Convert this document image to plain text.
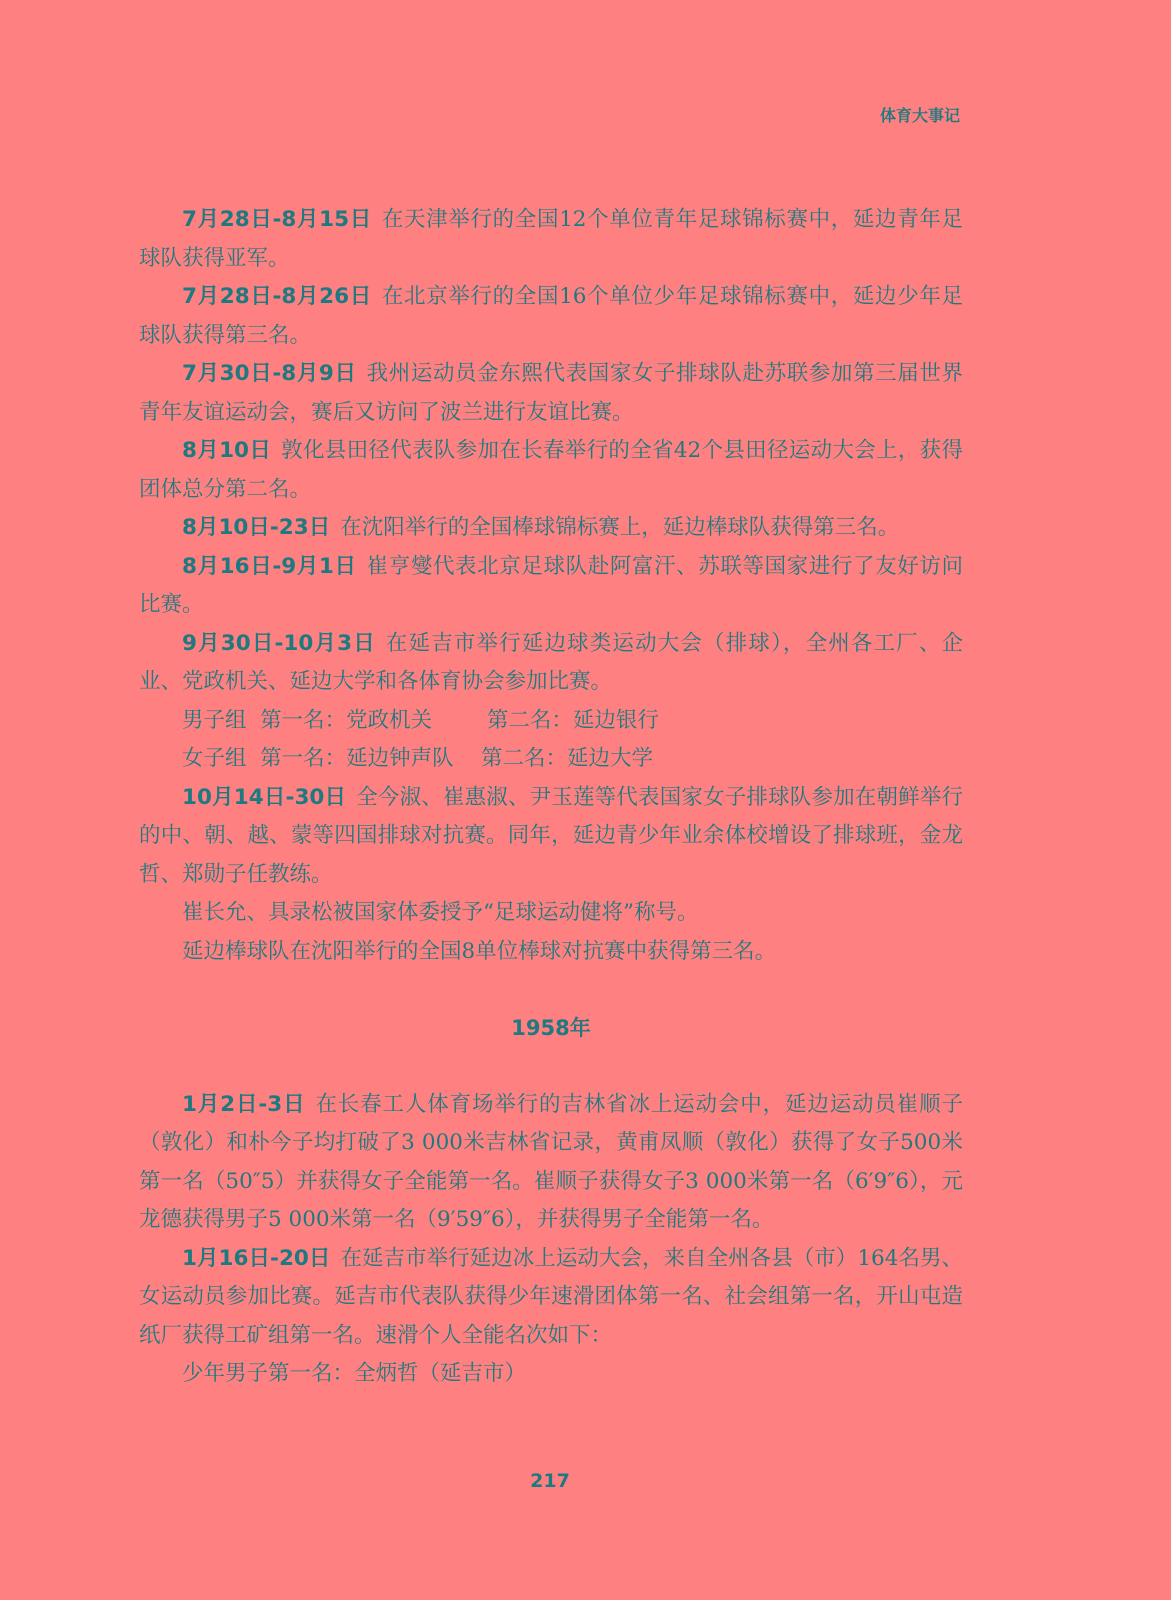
体育大事记

7月28日-8月15日 在天津举行的全国12个单位青年足球锦标赛中，延边青年足球队获得亚军。

7月28日-8月26日 在北京举行的全国16个单位少年足球锦标赛中，延边少年足球队获得第三名。

7月30日-8月9日 我州运动员金东熙代表国家女子排球队赴苏联参加第三届世界青年友谊运动会，赛后又访问了波兰进行友谊比赛。

8月10日 敦化县田径代表队参加在长春举行的全省42个县田径运动大会上，获得团体总分第二名。

8月10日-23日 在沈阳举行的全国棒球锦标赛上，延边棒球队获得第三名。

8月16日-9月1日 崔亨燮代表北京足球队赴阿富汗、苏联等国家进行了友好访问比赛。

9月30日-10月3日 在延吉市举行延边球类运动大会（排球），全州各工厂、企业、党政机关、延边大学和各体育协会参加比赛。

男子组  第一名：党政机关        第二名：延边银行

女子组  第一名：延边钟声队    第二名：延边大学

10月14日-30日 全今淑、崔惠淑、尹玉莲等代表国家女子排球队参加在朝鲜举行的中、朝、越、蒙等四国排球对抗赛。同年，延边青少年业余体校增设了排球班，金龙哲、郑勋子任教练。

崔长允、具录松被国家体委授予“足球运动健将”称号。

延边棒球队在沈阳举行的全国8单位棒球对抗赛中获得第三名。

1958年

1月2日-3日 在长春工人体育场举行的吉林省冰上运动会中，延边运动员崔顺子（敦化）和朴今子均打破了3 000米吉林省记录，黄甫凤顺（敦化）获得了女子500米第一名（50″5）并获得女子全能第一名。崔顺子获得女子3 000米第一名（6′9″6），元龙德获得男子5 000米第一名（9′59″6），并获得男子全能第一名。

1月16日-20日 在延吉市举行延边冰上运动大会，来自全州各县（市）164名男、女运动员参加比赛。延吉市代表队获得少年速滑团体第一名、社会组第一名，开山屯造纸厂获得工矿组第一名。速滑个人全能名次如下：

少年男子第一名：全炳哲（延吉市）

217
